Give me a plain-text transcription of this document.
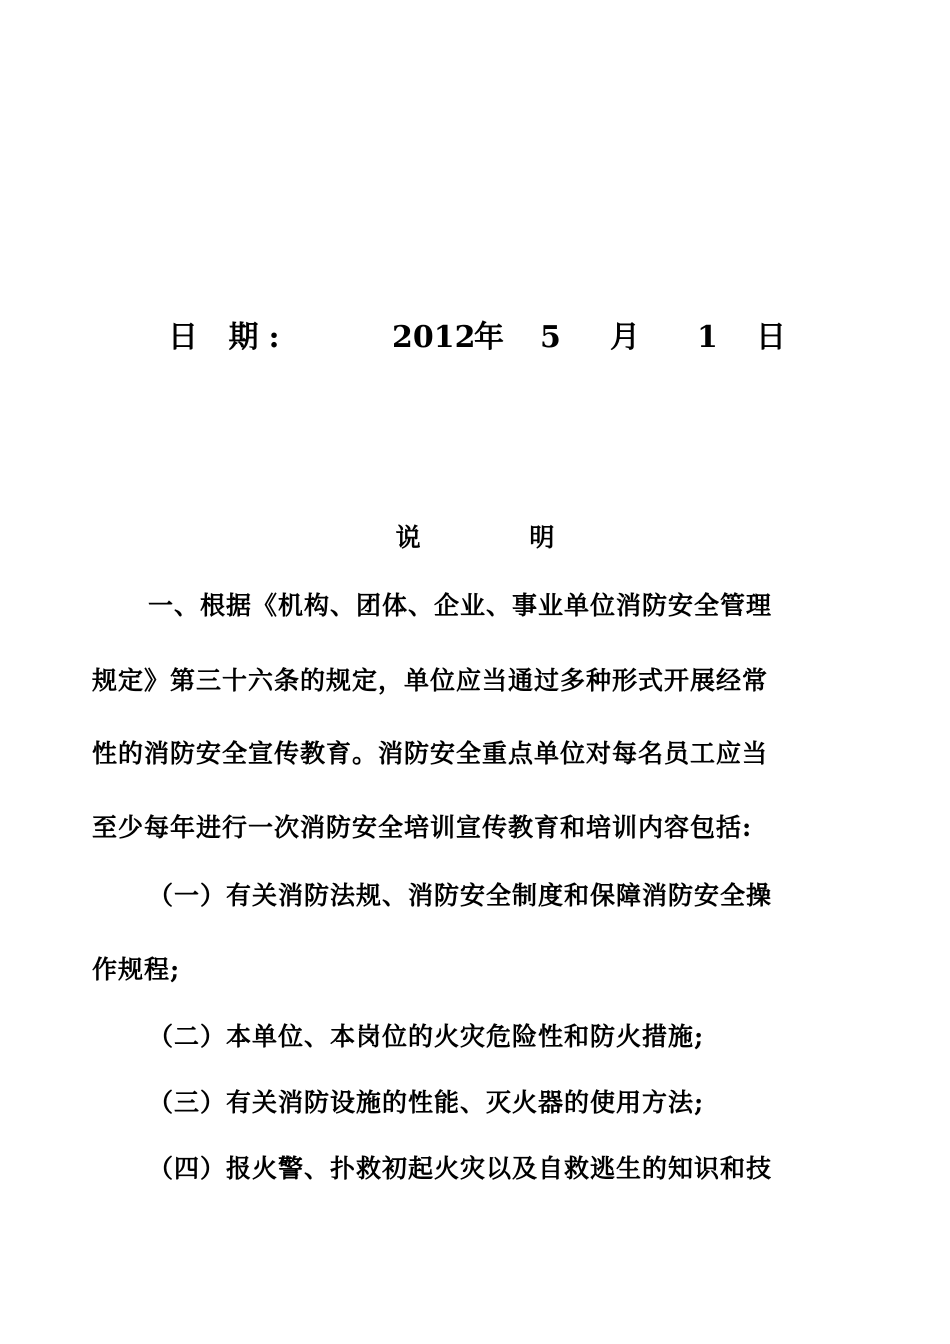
日 期:	2012
年 5 月 1 日
说 明
一、根据《机构、团体、企业、事业单位消防安全管理
规定》第三十六条的规定，单位应当通过多种形式开展经常
性的消防安全宣传教育。消防安全重点单位对每名员工应当
至少每年进行一次消防安全培训宣传教育和培训内容包括:
（一）有关消防法规、消防安全制度和保障消防安全操
作规程;
（二）本单位、本岗位的火灾危险性和防火措施;
（三）有关消防设施的性能、灭火器的使用方法;
（四）报火警、扑救初起火灾以及自救逃生的知识和技
